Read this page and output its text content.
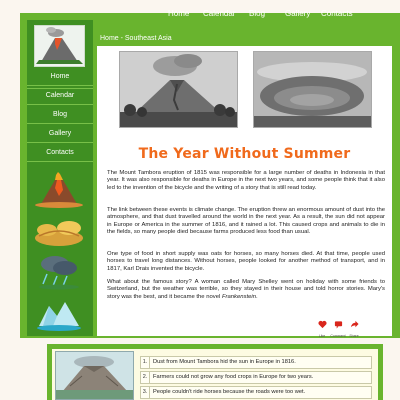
Home Calendar Blog Gallery Contacts
Home
Calendar
Blog
Gallery
Contacts
Home - Southeast Asia
The Year Without Summer

The Mount Tambora eruption of 1815 was responsible for a large number of deaths in Indonesia in that year. It was also responsible for deaths in Europe in the next two years, and some people think that it also led to the invention of the bicycle and the writing of a story that is still read today.

The link between these events is climate change. The eruption threw an enormous amount of dust into the atmosphere, and that dust travelled around the world in the next year. As a result, the sun did not appear in Europe or America in the summer of 1816, and it rained a lot. This caused crops and animals to die in the fields, so many people died because farms produced less food than usual.

One type of food in short supply was oats for horses, so many horses died. At that time, people used horses to travel long distances. Without horses, people looked for another method of transport, and in 1817, Karl Drais invented the bicycle.

What about the famous story? A woman called Mary Shelley went on holiday with some friends to Switzerland, but the weather was terrible, so they stayed in their house and told horror stories. Mary's story was the best, and it became the novel Frankenstein.

Like	Comment	Share
1.	Dust from Mount Tambora hid the sun in Europe in 1816.
2.	Farmers could not grow any food crops in Europe for two years.
3.	People couldn't ride horses because the roads were too wet.
